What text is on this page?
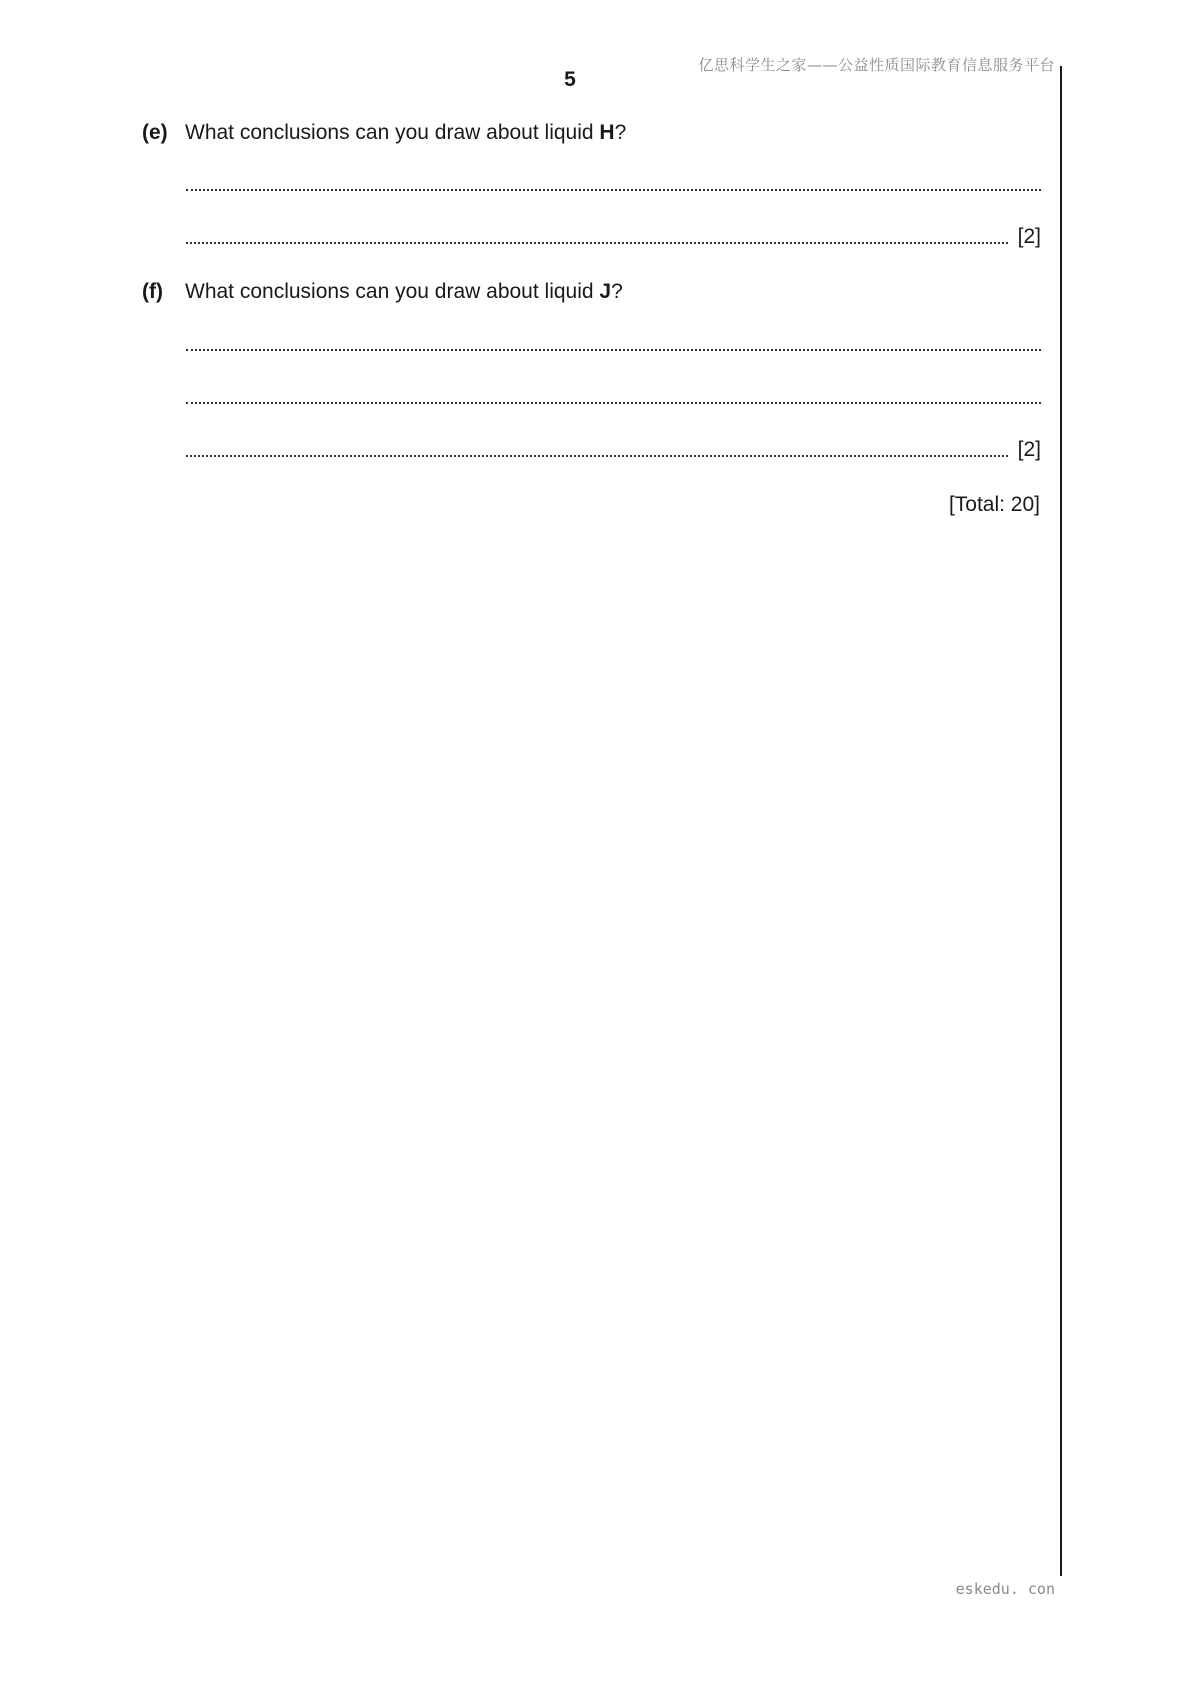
亿思科学生之家——公益性质国际教育信息服务平台
5
(e) What conclusions can you draw about liquid H?
[2]
(f) What conclusions can you draw about liquid J?
[2]
[Total: 20]
eskedu. con
